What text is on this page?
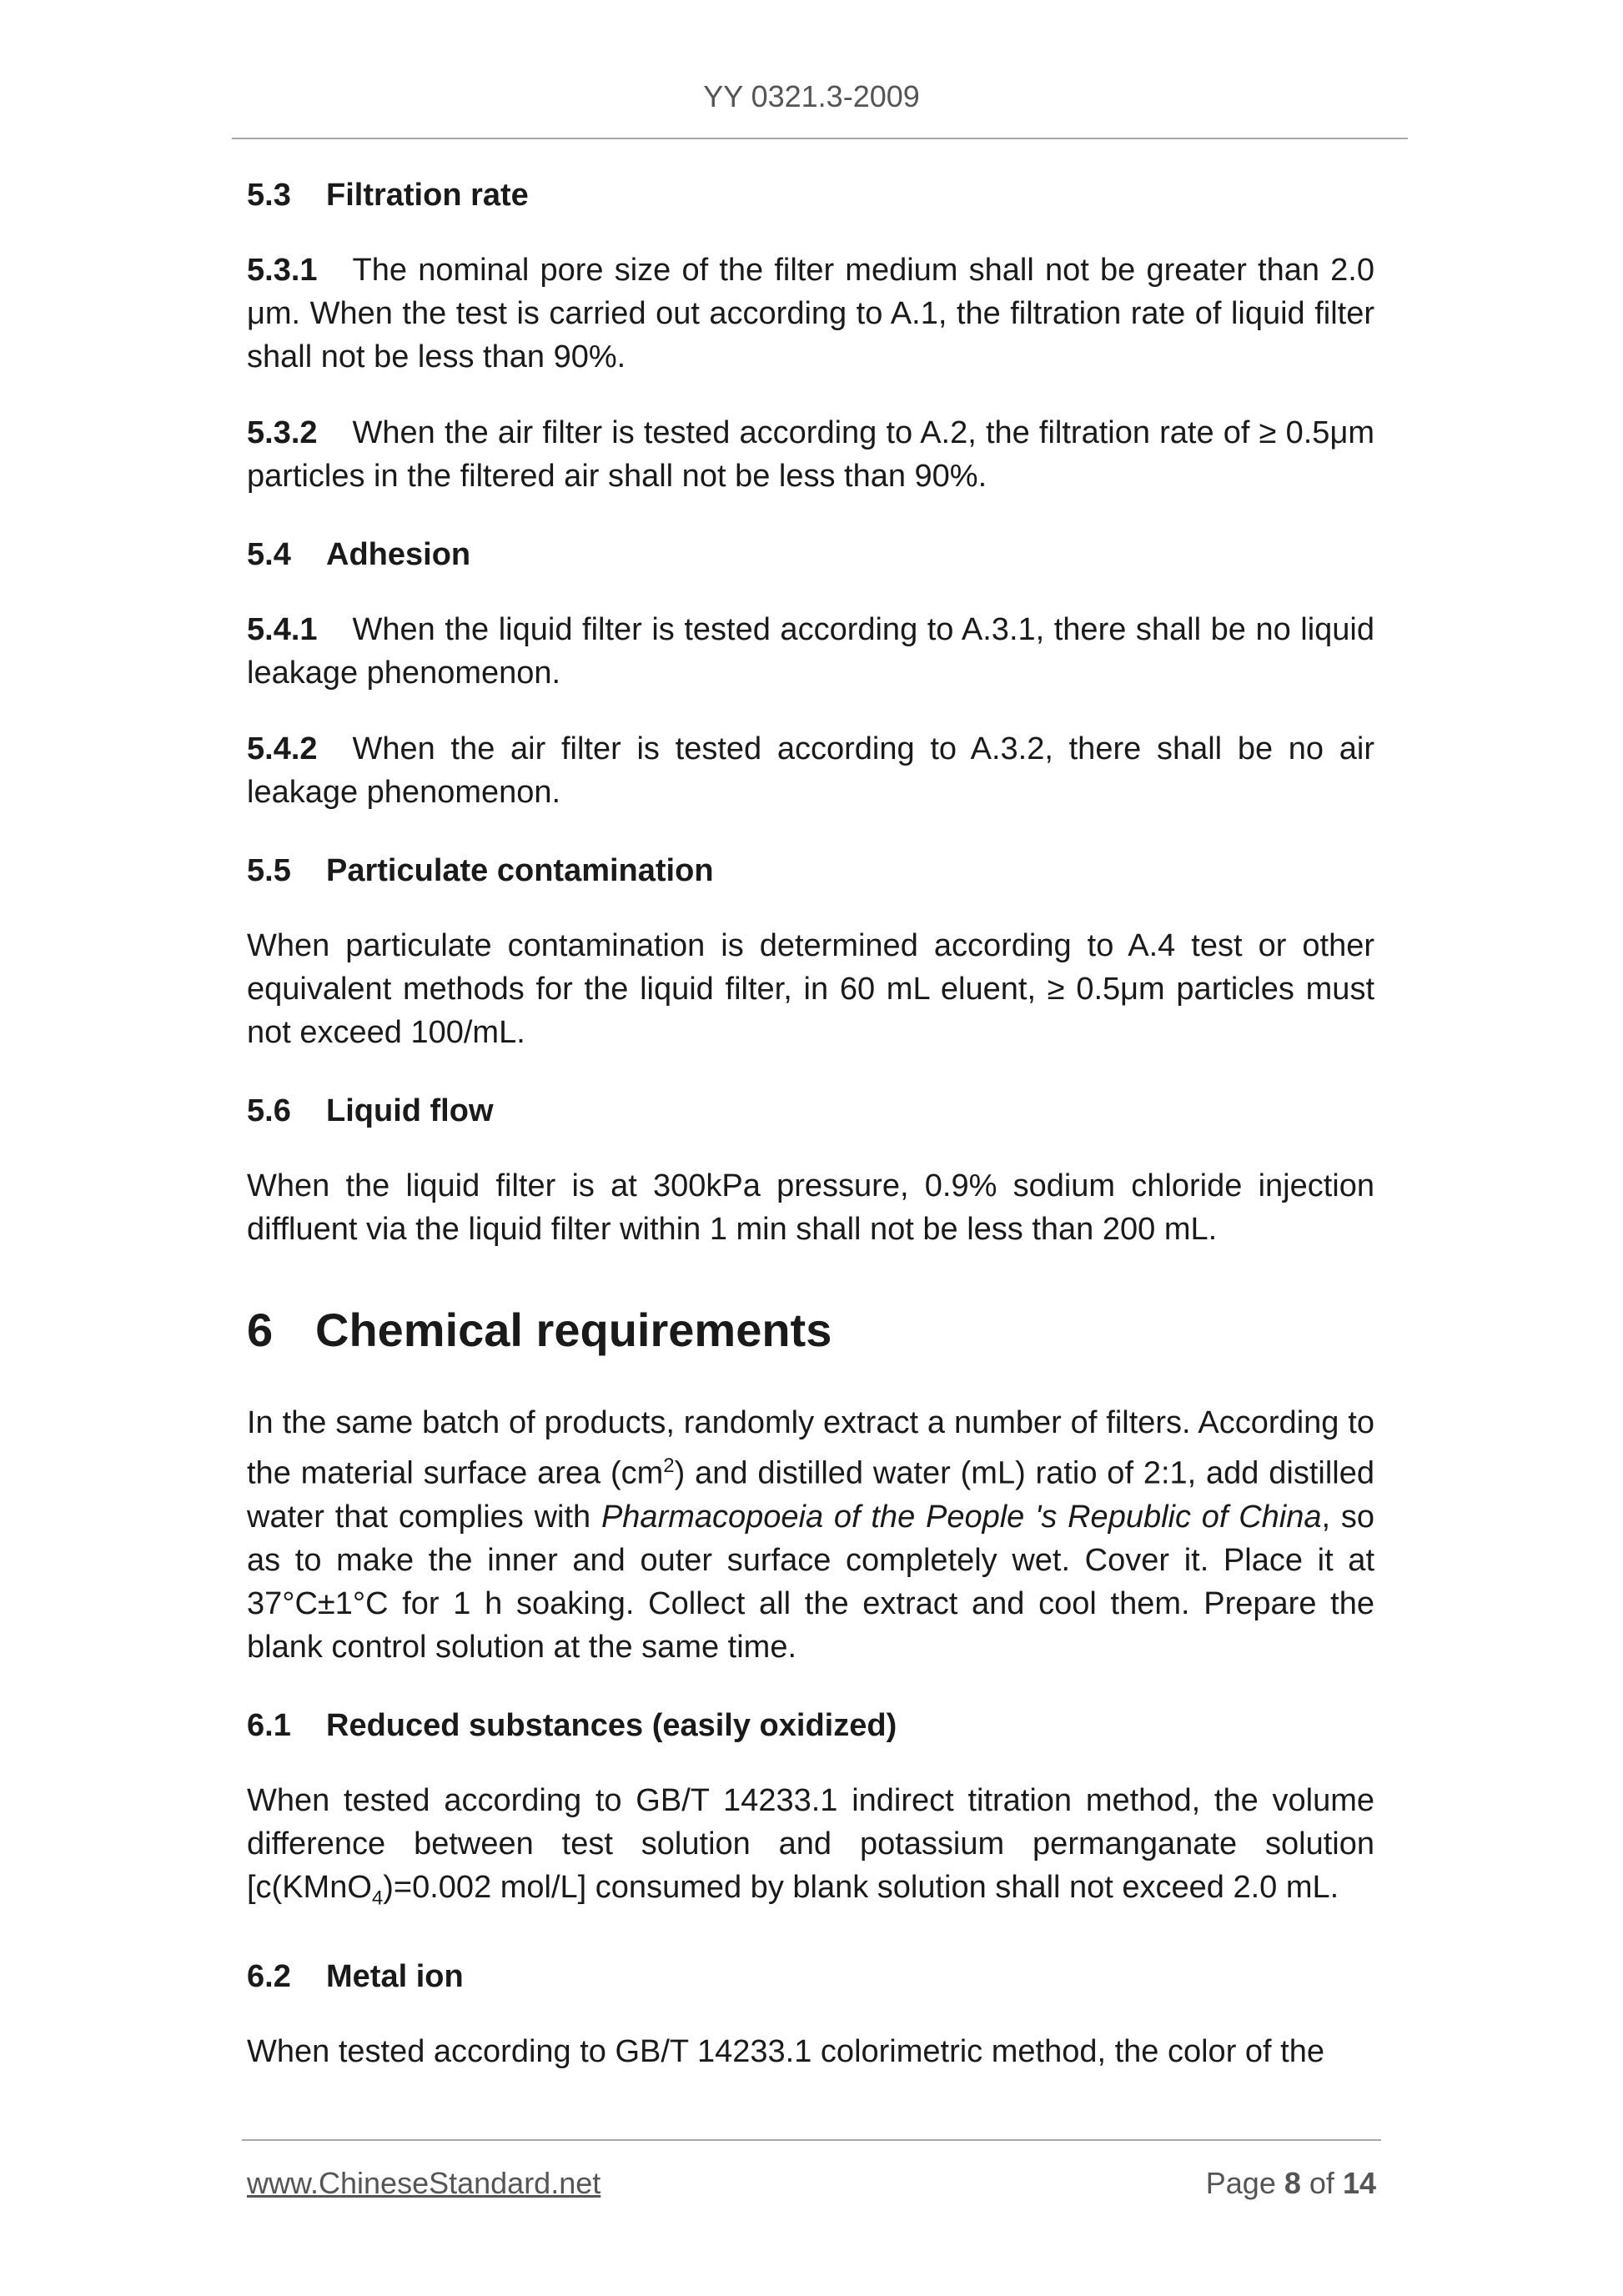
YY 0321.3-2009
5.3 Filtration rate

5.3.1 The nominal pore size of the filter medium shall not be greater than 2.0 μm. When the test is carried out according to A.1, the filtration rate of liquid filter shall not be less than 90%.

5.3.2 When the air filter is tested according to A.2, the filtration rate of ≥ 0.5μm particles in the filtered air shall not be less than 90%.

5.4 Adhesion

5.4.1 When the liquid filter is tested according to A.3.1, there shall be no liquid leakage phenomenon.

5.4.2 When the air filter is tested according to A.3.2, there shall be no air leakage phenomenon.

5.5 Particulate contamination

When particulate contamination is determined according to A.4 test or other equivalent methods for the liquid filter, in 60 mL eluent, ≥ 0.5μm particles must not exceed 100/mL.

5.6 Liquid flow

When the liquid filter is at 300kPa pressure, 0.9% sodium chloride injection diffluent via the liquid filter within 1 min shall not be less than 200 mL.

6 Chemical requirements

In the same batch of products, randomly extract a number of filters. According to the material surface area $(cm^2)$ and distilled water (mL) ratio of 2:1, add distilled water that complies with Pharmacopoeia of the People 's Republic of China, so as to make the inner and outer surface completely wet. Cover it. Place it at 37°C±1°C for 1 h soaking. Collect all the extract and cool them. Prepare the blank control solution at the same time.

6.1 Reduced substances (easily oxidized)

When tested according to GB/T 14233.1 indirect titration method, the volume difference between test solution and potassium permanganate solution [c(KMnO$_4$)=0.002 mol/L] consumed by blank solution shall not exceed 2.0 mL.

6.2 Metal ion

When tested according to GB/T 14233.1 colorimetric method, the color of the

www.ChineseStandard.net	Page 8 of 14
